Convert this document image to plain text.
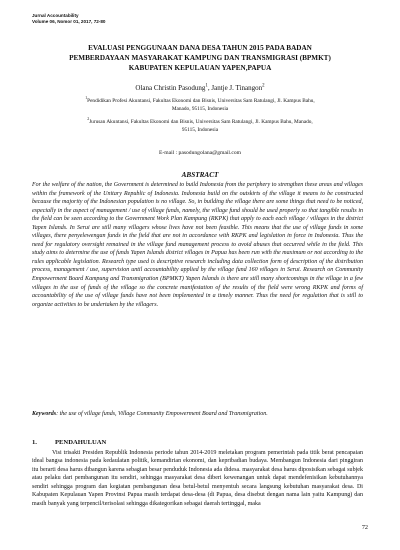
Jurnal Accountability
Volume 06, Nomor 01, 2017, 72-80
EVALUASI PENGGUNAAN DANA DESA TAHUN 2015 PADA BADAN
PEMBERDAYAAN MASYARAKAT KAMPUNG DAN TRANSMIGRASI (BPMKT)
KABUPATEN KEPULAUAN YAPEN,PAPUA
Olana Christin Pasodung$^1$, Jantje J. Tinangon$^2$
$^1$Pendidikan Profesi Akuntansi, Fakultas Ekonomi dan Bisnis, Universitas Sam Ratulangi, Jl. Kampus Bahu,
Manado, 95115, Indonesia
$^2$Jurusan Akuntansi, Fakultas Ekonomi dan Bisnis, Universitas Sam Ratulangi, Jl. Kampus Bahu, Manado,
95115, Indonesia
E-mail : pasodungolana@gmail.com
ABSTRACT

For the welfare of the nation, the Government is determined to build Indonesia from the periphery to strengthen these areas and villages within the framework of the Unitary Republic of Indonesia. Indonesia build on the outskirts of the village it means to be constructed because the majority of the Indonesian population is no village. So, in building the village there are some things that need to be noticed, especially in the aspect of management / use of village funds, namely, the village fund should be used properly so that tangible results in the field can be seen according to the Government Work Plan Kampung (RKPK) that apply to each each village / villages in the district Yapen Islands. In Serui are still many villagers whose lives have not been feasible. This means that the use of village funds in some villages, there penyelewengan funds in the field that are not in accordance with RKPK and legislation in force in Indonesia. Thus the need for regulatory oversight remained in the village fund management process to avoid abuses that occurred while in the field. This study aims to determine the use of funds Yapen Islands district villages in Papua has been run with the maximum or not according to the rules applicable legislation. Research type used is descriptive research including data collection form of description of the distribution process, management / use, supervision until accountability applied by the village fund 160 villages in Serui. Research on Community Empowerment Board Kampung and Transmigration (BPMKT) Yapen Islands is there are still many shortcomings in the village in a few villages in the use of funds of the village so the concrete manifestation of the results of the field were wrong RKPK and forms of accountability of the use of village funds have not been implemented in a timely manner. Thus the need for regulation that is still to organize activities to be undertaken by the villagers.

Keywords: the use of village funds, Village Community Empowerment Board and Transmigration.

1.	PENDAHULUAN

Visi trisakti Presiden Republik Indonesia periode tahun 2014-2019 meletakan program pemerintah pada titik berat pencapaian ideal bangsa indonesia pada kedaulatan politik, kemandirian ekonomi, dan kepribadian budaya. Membangun Indonesia dari pinggiran itu berarti desa harus dibangun karena sebagian besar penduduk Indonesia ada didesa. masyarakat desa harus diposisikan sebagai subjek atau pelaku dari pembangunan itu sendiri, sehingga masyarakat desa diberi kewenangan untuk dapat mendefenisikan kebutuhannya sendiri sehingga program dan kegiatan pembangunan desa betul-betul menyentuh secara langsung kebutuhan masyarakat desa. Di Kabupaten Kepulauan Yapen Provinsi Papua masih terdapat desa-desa (di Papua, desa disebut dengan nama lain yaitu Kampung) dan masih banyak yang terpencil/terisolasi sehingga dikategorikan sebagai daerah tertinggal, maka

72
